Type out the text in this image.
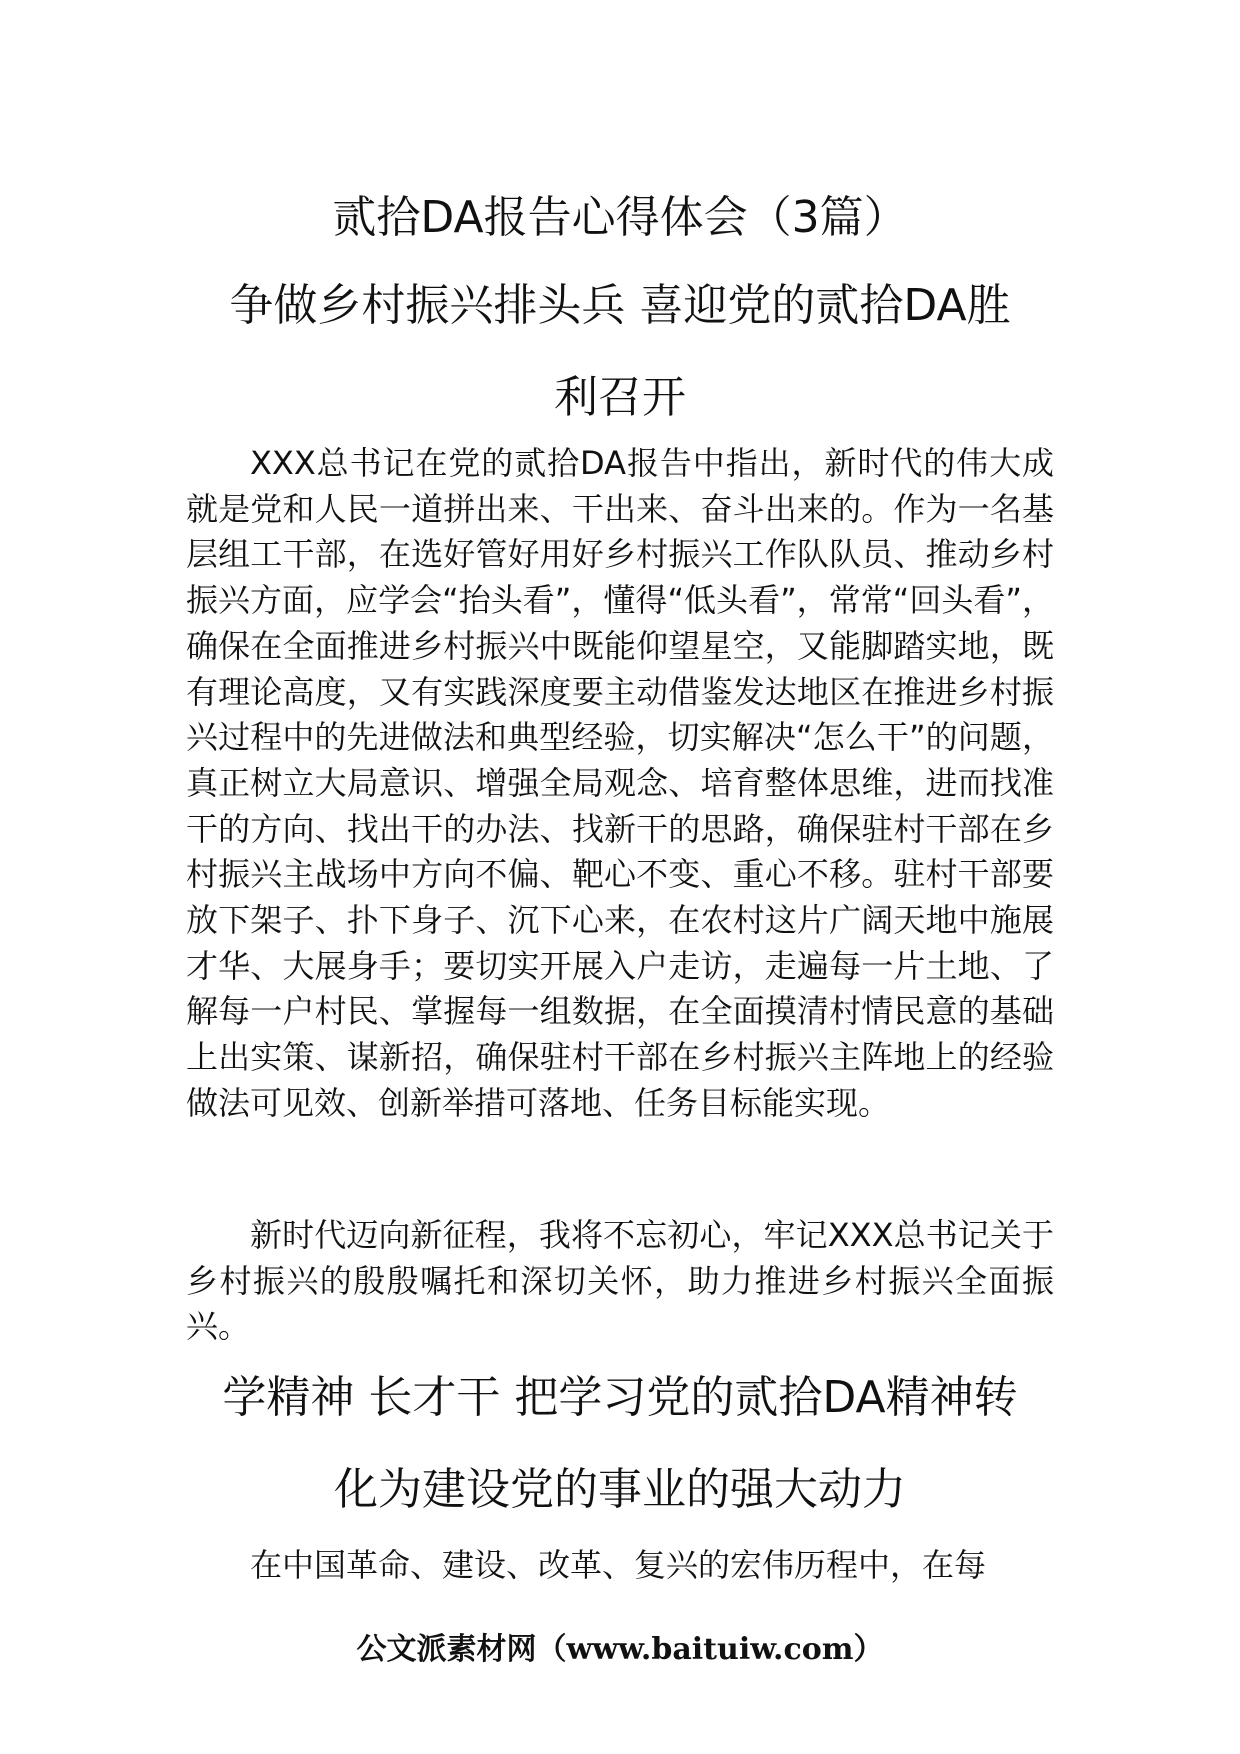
贰拾DA报告心得体会（3篇）
争做乡村振兴排头兵 喜迎党的贰拾DA胜
利召开

XXX总书记在党的贰拾DA报告中指出，新时代的伟大成就是党和人民一道拼出来、干出来、奋斗出来的。作为一名基层组工干部，在选好管好用好乡村振兴工作队队员、推动乡村振兴方面，应学会“抬头看”，懂得“低头看”，常常“回头看”，确保在全面推进乡村振兴中既能仰望星空，又能脚踏实地，既有理论高度，又有实践深度要主动借鉴发达地区在推进乡村振兴过程中的先进做法和典型经验，切实解决“怎么干”的问题，真正树立大局意识、增强全局观念、培育整体思维，进而找准干的方向、找出干的办法、找新干的思路，确保驻村干部在乡村振兴主战场中方向不偏、靶心不变、重心不移。驻村干部要放下架子、扑下身子、沉下心来，在农村这片广阔天地中施展才华、大展身手；要切实开展入户走访，走遍每一片土地、了解每一户村民、掌握每一组数据，在全面摸清村情民意的基础上出实策、谋新招，确保驻村干部在乡村振兴主阵地上的经验做法可见效、创新举措可落地、任务目标能实现。

新时代迈向新征程，我将不忘初心，牢记XXX总书记关于乡村振兴的殷殷嘱托和深切关怀，助力推进乡村振兴全面振兴。

学精神 长才干 把学习党的贰拾DA精神转
化为建设党的事业的强大动力

在中国革命、建设、改革、复兴的宏伟历程中，在每

公文派素材网（www.baituiw.com）
